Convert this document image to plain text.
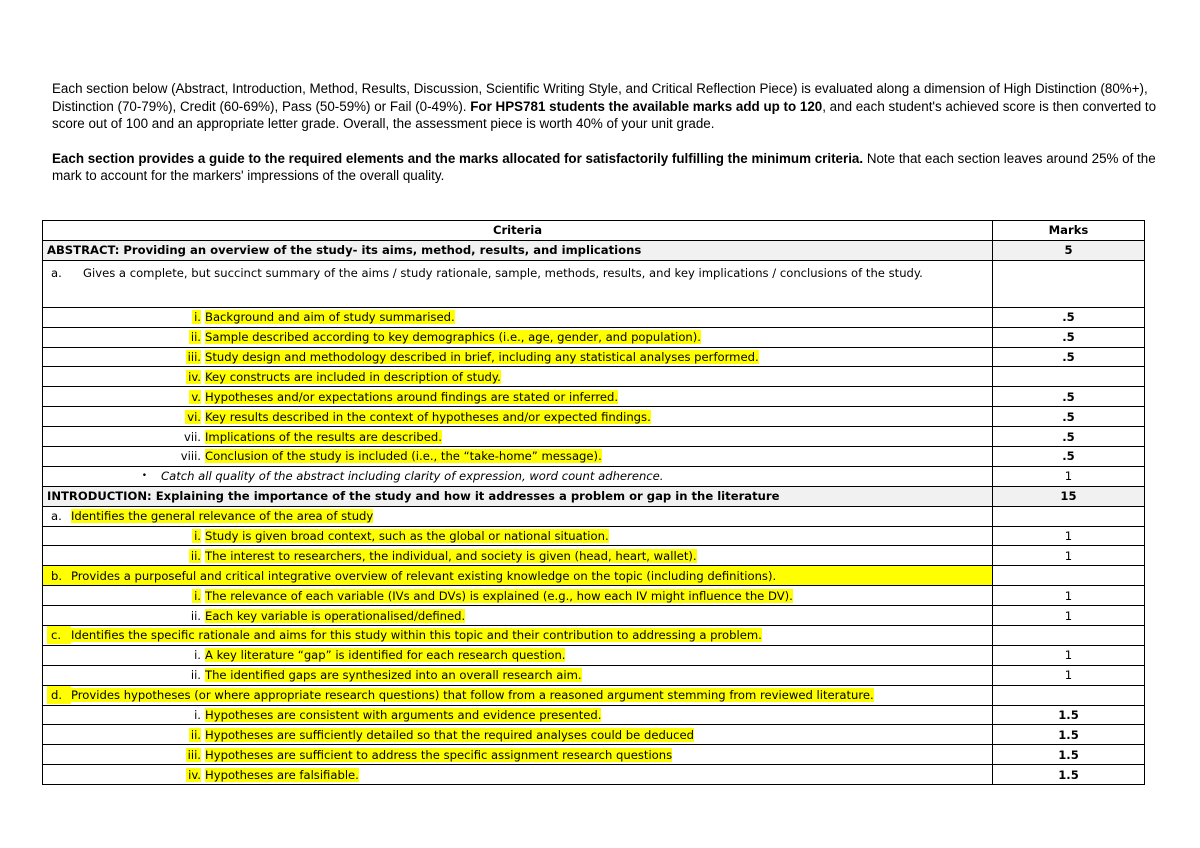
Each section below (Abstract, Introduction, Method, Results, Discussion, Scientific Writing Style, and Critical Reflection Piece) is evaluated along a dimension of High Distinction (80%+), Distinction (70-79%), Credit (60-69%), Pass (50-59%) or Fail (0-49%). For HPS781 students the available marks add up to 120, and each student's achieved score is then converted to score out of 100 and an appropriate letter grade. Overall, the assessment piece is worth 40% of your unit grade.

Each section provides a guide to the required elements and the marks allocated for satisfactorily fulfilling the minimum criteria. Note that each section leaves around 25% of the mark to account for the markers' impressions of the overall quality.

Criteria	Marks
ABSTRACT: Providing an overview of the study- its aims, method, results, and implications	5
a. Gives a complete, but succinct summary of the aims / study rationale, sample, methods, results, and key implications / conclusions of the study.	
i. Background and aim of study summarised.	.5
ii. Sample described according to key demographics (i.e., age, gender, and population).	.5
iii. Study design and methodology described in brief, including any statistical analyses performed.	.5
iv. Key constructs are included in description of study.	
v. Hypotheses and/or expectations around findings are stated or inferred.	.5
vi. Key results described in the context of hypotheses and/or expected findings.	.5
vii. Implications of the results are described.	.5
viii. Conclusion of the study is included (i.e., the “take-home” message).	.5
• Catch all quality of the abstract including clarity of expression, word count adherence.	1
INTRODUCTION: Explaining the importance of the study and how it addresses a problem or gap in the literature	15
a. Identifies the general relevance of the area of study	
i. Study is given broad context, such as the global or national situation.	1
ii. The interest to researchers, the individual, and society is given (head, heart, wallet).	1
b. Provides a purposeful and critical integrative overview of relevant existing knowledge on the topic (including definitions).	
i. The relevance of each variable (IVs and DVs) is explained (e.g., how each IV might influence the DV).	1
ii. Each key variable is operationalised/defined.	1
c. Identifies the specific rationale and aims for this study within this topic and their contribution to addressing a problem.	
i. A key literature “gap” is identified for each research question.	1
ii. The identified gaps are synthesized into an overall research aim.	1
d. Provides hypotheses (or where appropriate research questions) that follow from a reasoned argument stemming from reviewed literature.	
i. Hypotheses are consistent with arguments and evidence presented.	1.5
ii. Hypotheses are sufficiently detailed so that the required analyses could be deduced	1.5
iii. Hypotheses are sufficient to address the specific assignment research questions	1.5
iv. Hypotheses are falsifiable.	1.5
